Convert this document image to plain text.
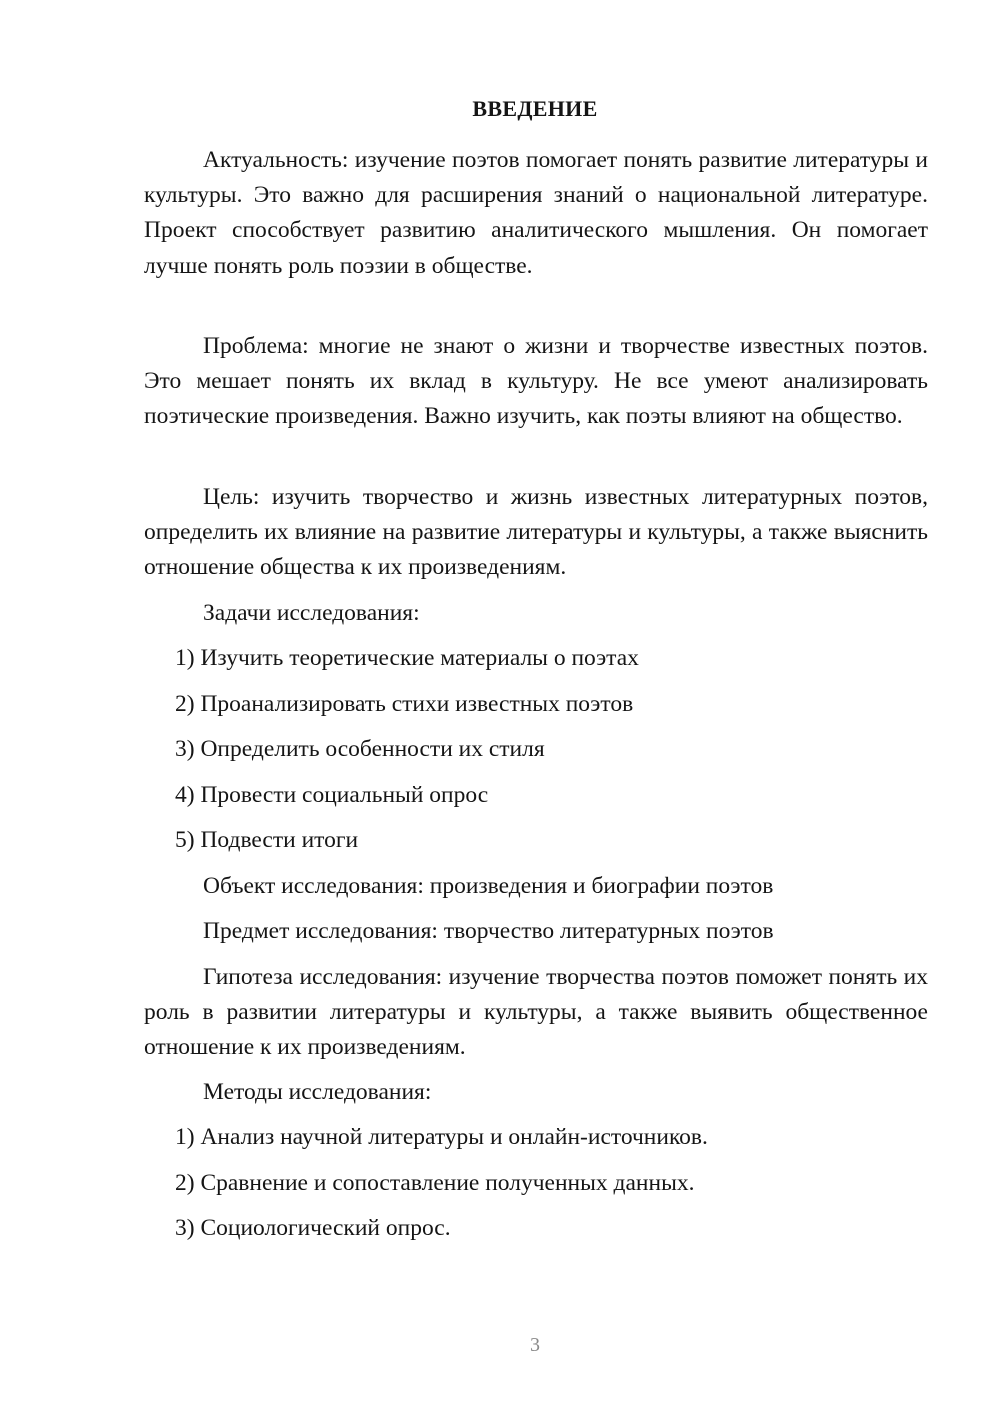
ВВЕДЕНИЕ

Актуальность: изучение поэтов помогает понять развитие литературы и культуры. Это важно для расширения знаний о национальной литературе. Проект способствует развитию аналитического мышления. Он помогает лучше понять роль поэзии в обществе.

Проблема: многие не знают о жизни и творчестве известных поэтов. Это мешает понять их вклад в культуру. Не все умеют анализировать поэтические произведения. Важно изучить, как поэты влияют на общество.

Цель: изучить творчество и жизнь известных литературных поэтов, определить их влияние на развитие литературы и культуры, а также выяснить отношение общества к их произведениям.

Задачи исследования:

1) Изучить теоретические материалы о поэтах

2) Проанализировать стихи известных поэтов

3) Определить особенности их стиля

4) Провести социальный опрос

5) Подвести итоги

Объект исследования: произведения и биографии поэтов

Предмет исследования: творчество литературных поэтов

Гипотеза исследования: изучение творчества поэтов поможет понять их роль в развитии литературы и культуры, а также выявить общественное отношение к их произведениям.

Методы исследования:

1) Анализ научной литературы и онлайн-источников.

2) Сравнение и сопоставление полученных данных.

3) Социологический опрос.

3
